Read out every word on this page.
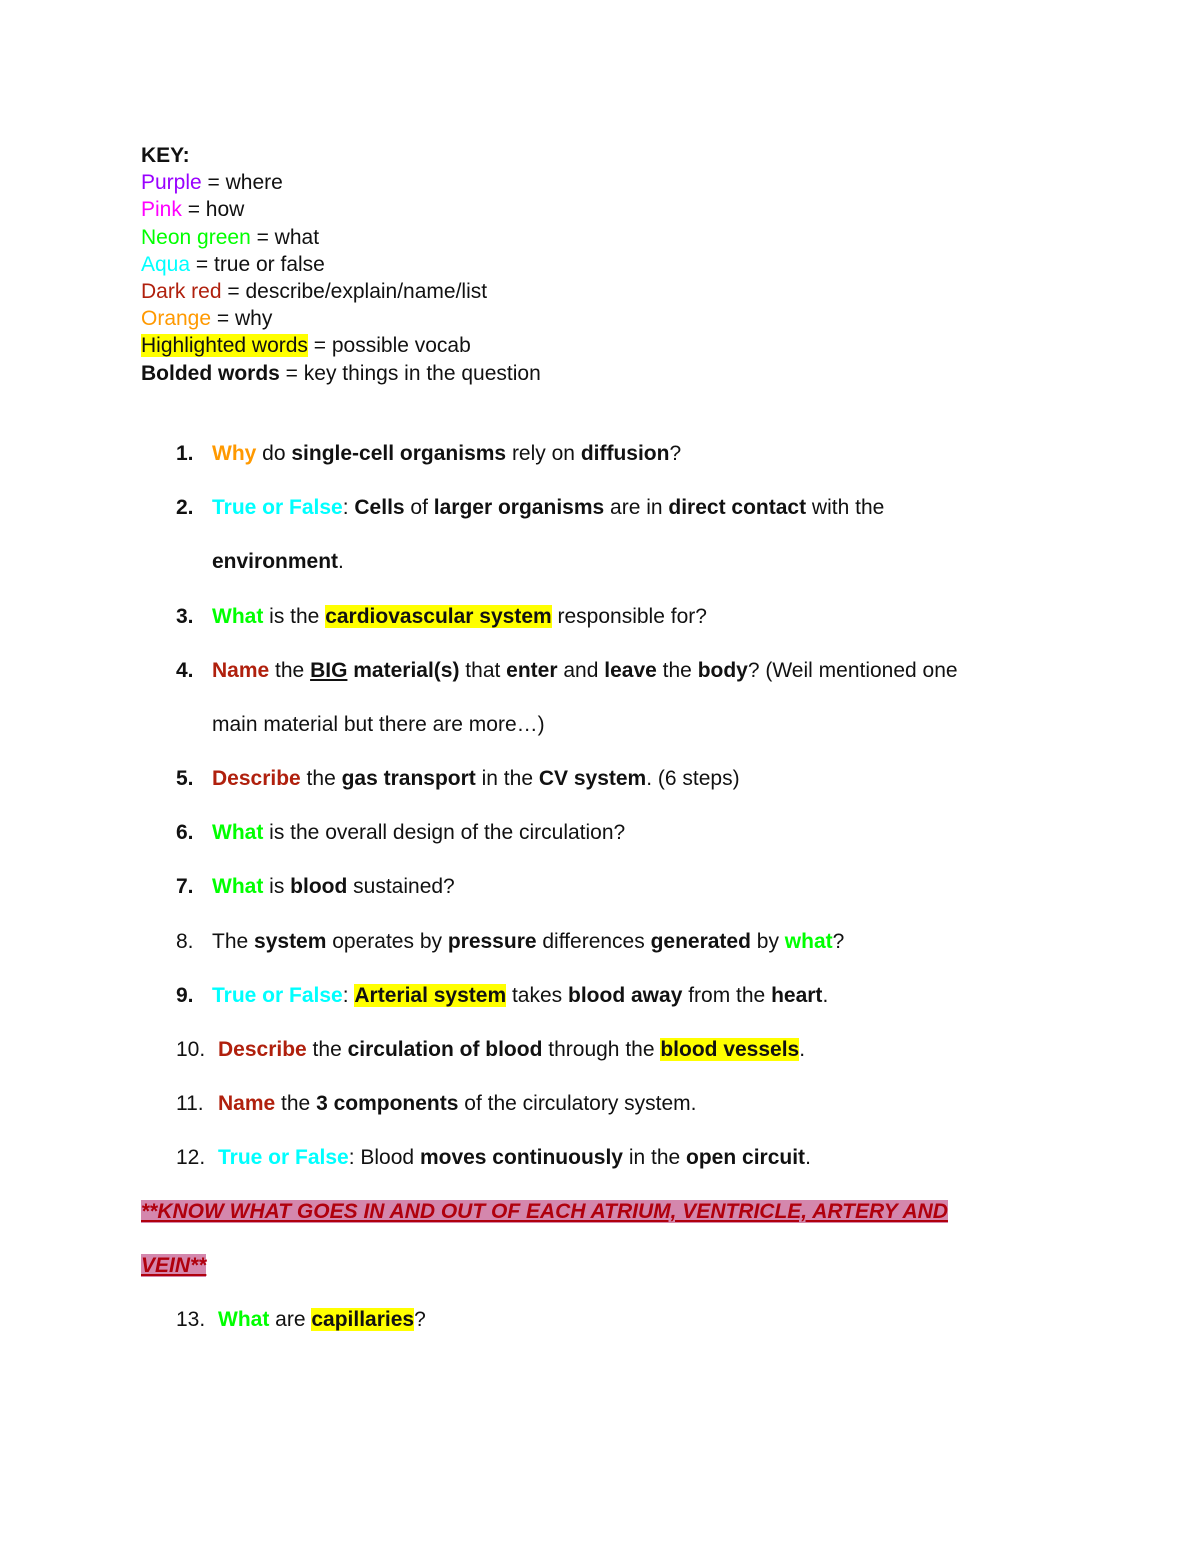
KEY:
Purple = where
Pink = how
Neon green = what
Aqua = true or false
Dark red = describe/explain/name/list
Orange = why
Highlighted words = possible vocab
Bolded words = key things in the question
1. Why do single-cell organisms rely on diffusion?
2. True or False: Cells of larger organisms are in direct contact with the
environment.
3. What is the cardiovascular system responsible for?
4. Name the BIG material(s) that enter and leave the body? (Weil mentioned one
main material but there are more…)
5. Describe the gas transport in the CV system. (6 steps)
6. What is the overall design of the circulation?
7. What is blood sustained?
8. The system operates by pressure differences generated by what?
9. True or False: Arterial system takes blood away from the heart.
10. Describe the circulation of blood through the blood vessels.
11. Name the 3 components of the circulatory system.
12. True or False: Blood moves continuously in the open circuit.
**KNOW WHAT GOES IN AND OUT OF EACH ATRIUM, VENTRICLE, ARTERY AND
VEIN**
13. What are capillaries?
